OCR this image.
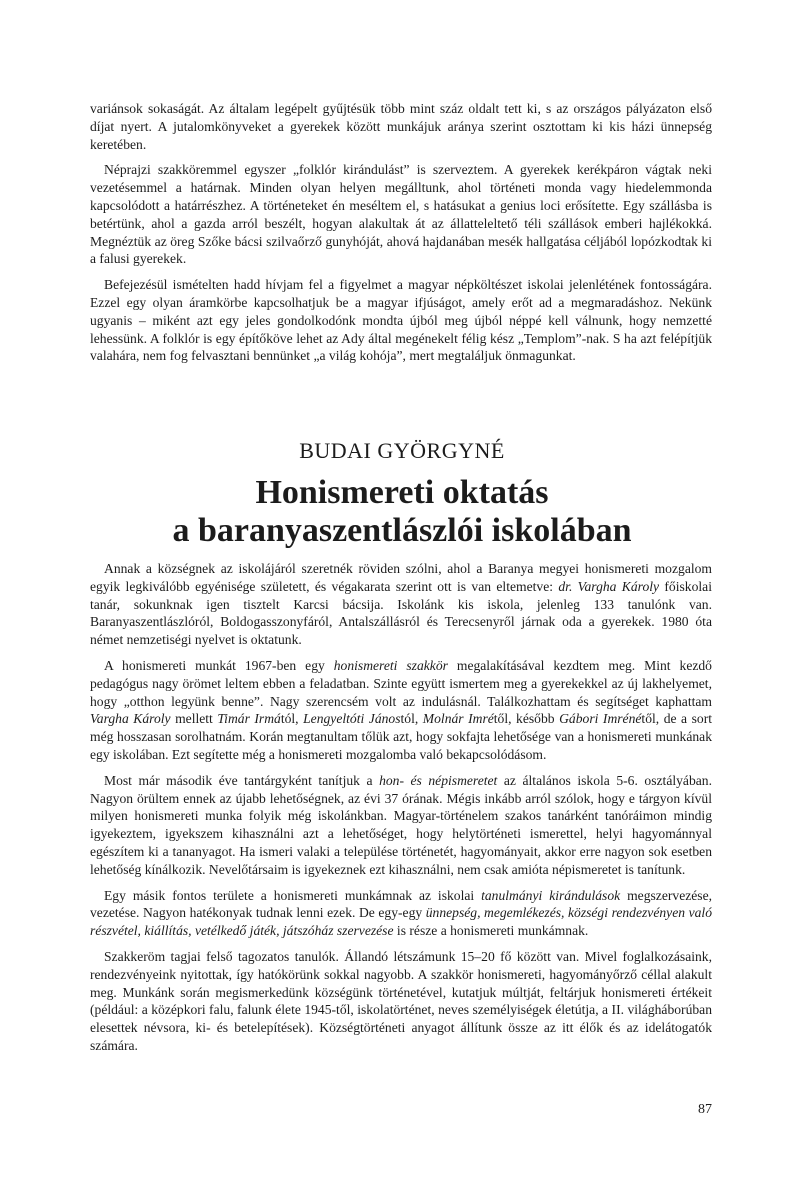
variánsok sokaságát. Az általam legépelt gyűjtésük több mint száz oldalt tett ki, s az országos pályázaton első díjat nyert. A jutalomkönyveket a gyerekek között munkájuk aránya szerint osztottam ki kis házi ünnepség keretében.

Néprajzi szakköremmel egyszer „folklór kirándulást” is szerveztem. A gyerekek kerékpáron vágtak neki vezetésemmel a határnak. Minden olyan helyen megálltunk, ahol történeti monda vagy hiedelemmonda kapcsolódott a határrészhez. A történeteket én meséltem el, s hatásukat a genius loci erősítette. Egy szállásba is betértünk, ahol a gazda arról beszélt, hogyan alakultak át az állatteleltető téli szállások emberi hajlékokká. Megnéztük az öreg Szőke bácsi szilvaőrző gunyhóját, ahová hajdanában mesék hallgatása céljából lopózkodtak ki a falusi gyerekek.

Befejezésül ismételten hadd hívjam fel a figyelmet a magyar népköltészet iskolai jelenlétének fontosságára. Ezzel egy olyan áramkörbe kapcsolhatjuk be a magyar ifjúságot, amely erőt ad a megmaradáshoz. Nekünk ugyanis – miként azt egy jeles gondolkodónk mondta újból meg újból néppé kell válnunk, hogy nemzetté lehessünk. A folklór is egy építőköve lehet az Ady által megénekelt félig kész „Templom”-nak. S ha azt felépítjük valahára, nem fog felvasztani bennünket „a világ kohója”, mert megtaláljuk önmagunkat.

BUDAI GYÖRGYNÉ
Honismereti oktatás
a baranyaszentlászlói iskolában

Annak a községnek az iskolájáról szeretnék röviden szólni, ahol a Baranya megyei honismereti mozgalom egyik legkiválóbb egyénisége született, és végakarata szerint ott is van eltemetve: dr. Vargha Károly főiskolai tanár, sokunknak igen tisztelt Karcsi bácsija. Iskolánk kis iskola, jelenleg 133 tanulónk van. Baranyaszentlászlóról, Boldogasszonyfáról, Antalszállásról és Terecsenyről járnak oda a gyerekek. 1980 óta német nemzetiségi nyelvet is oktatunk.

A honismereti munkát 1967-ben egy honismereti szakkör megalakításával kezdtem meg. Mint kezdő pedagógus nagy örömet leltem ebben a feladatban. Szinte együtt ismertem meg a gyerekekkel az új lakhelyemet, hogy „otthon legyünk benne”. Nagy szerencsém volt az indulásnál. Találkozhattam és segítséget kaphattam Vargha Károly mellett Timár Irmától, Lengyeltóti Jánostól, Molnár Imrétől, később Gábori Imrénétől, de a sort még hosszasan sorolhatnám. Korán megtanultam tőlük azt, hogy sokfajta lehetősége van a honismereti munkának egy iskolában. Ezt segítette még a honismereti mozgalomba való bekapcsolódásom.

Most már második éve tantárgyként tanítjuk a hon- és népismeretet az általános iskola 5-6. osztályában. Nagyon örültem ennek az újabb lehetőségnek, az évi 37 órának. Mégis inkább arról szólok, hogy e tárgyon kívül milyen honismereti munka folyik még iskolánkban. Magyar-történelem szakos tanárként tanóráimon mindig igyekeztem, igyekszem kihasználni azt a lehetőséget, hogy helytörténeti ismerettel, helyi hagyománnyal egészítem ki a tananyagot. Ha ismeri valaki a települése történetét, hagyományait, akkor erre nagyon sok esetben lehetőség kínálkozik. Nevelőtársaim is igyekeznek ezt kihasználni, nem csak amióta népismeretet is tanítunk.

Egy másik fontos területe a honismereti munkámnak az iskolai tanulmányi kirándulások megszervezése, vezetése. Nagyon hatékonyak tudnak lenni ezek. De egy-egy ünnepség, megemlékezés, községi rendezvényen való részvétel, kiállítás, vetélkedő játék, játszóház szervezése is része a honismereti munkámnak.

Szakkeröm tagjai felső tagozatos tanulók. Állandó létszámunk 15–20 fő között van. Mivel foglalkozásaink, rendezvényeink nyitottak, így hatókörünk sokkal nagyobb. A szakkör honismereti, hagyományőrző céllal alakult meg. Munkánk során megismerkedünk községünk történetével, kutatjuk múltját, feltárjuk honismereti értékeit (például: a középkori falu, falunk élete 1945-től, iskolatörténet, neves személyiségek életútja, a II. világháborúban elesettek névsora, ki- és betelepítések). Községtörténeti anyagot állítunk össze az itt élők és az idelátogatók számára.

87
